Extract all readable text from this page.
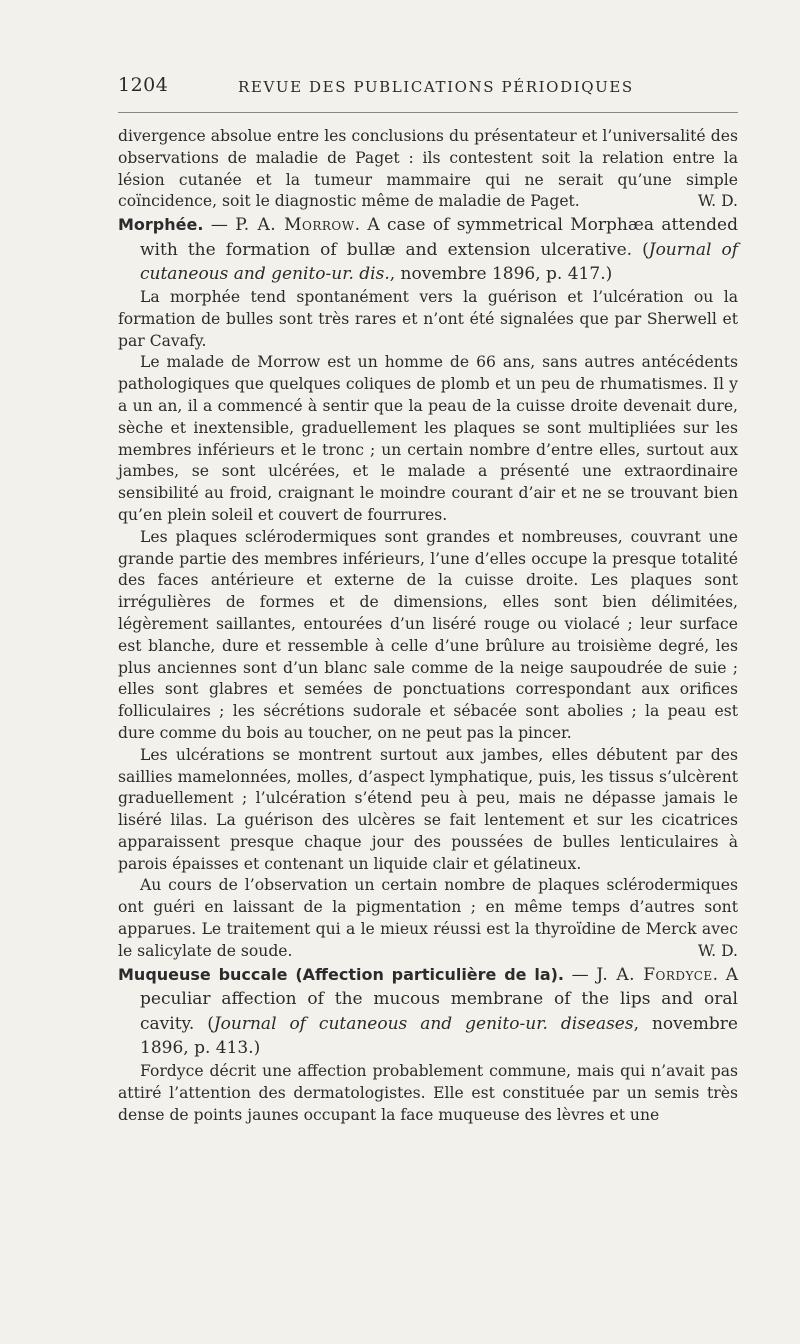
1204	REVUE DES PUBLICATIONS PÉRIODIQUES

divergence absolue entre les conclusions du présentateur et l’universalité des observations de maladie de Paget : ils contestent soit la relation entre la lésion cutanée et la tumeur mammaire qui ne serait qu’une simple coïncidence, soit le diagnostic même de maladie de Paget.	W. D.

Morphée. — P. A. Morrow. A case of symmetrical Morphæa attended with the formation of bullæ and extension ulcerative. (Journal of cutaneous and genito-ur. dis., novembre 1896, p. 417.)

La morphée tend spontanément vers la guérison et l’ulcération ou la formation de bulles sont très rares et n’ont été signalées que par Sherwell et par Cavafy.

Le malade de Morrow est un homme de 66 ans, sans autres antécédents pathologiques que quelques coliques de plomb et un peu de rhumatismes. Il y a un an, il a commencé à sentir que la peau de la cuisse droite devenait dure, sèche et inextensible, graduellement les plaques se sont multipliées sur les membres inférieurs et le tronc ; un certain nombre d’entre elles, surtout aux jambes, se sont ulcérées, et le malade a présenté une extraordinaire sensibilité au froid, craignant le moindre courant d’air et ne se trouvant bien qu’en plein soleil et couvert de fourrures.

Les plaques sclérodermiques sont grandes et nombreuses, couvrant une grande partie des membres inférieurs, l’une d’elles occupe la presque totalité des faces antérieure et externe de la cuisse droite. Les plaques sont irrégulières de formes et de dimensions, elles sont bien délimitées, légèrement saillantes, entourées d’un liséré rouge ou violacé ; leur surface est blanche, dure et ressemble à celle d’une brûlure au troisième degré, les plus anciennes sont d’un blanc sale comme de la neige saupoudrée de suie ; elles sont glabres et semées de ponctuations correspondant aux orifices folliculaires ; les sécrétions sudorale et sébacée sont abolies ; la peau est dure comme du bois au toucher, on ne peut pas la pincer.

Les ulcérations se montrent surtout aux jambes, elles débutent par des saillies mamelonnées, molles, d’aspect lymphatique, puis, les tissus s’ulcèrent graduellement ; l’ulcération s’étend peu à peu, mais ne dépasse jamais le liséré lilas. La guérison des ulcères se fait lentement et sur les cicatrices apparaissent presque chaque jour des poussées de bulles lenticulaires à parois épaisses et contenant un liquide clair et gélatineux.

Au cours de l’observation un certain nombre de plaques sclérodermiques ont guéri en laissant de la pigmentation ; en même temps d’autres sont apparues. Le traitement qui a le mieux réussi est la thyroïdine de Merck avec le salicylate de soude.	W. D.

Muqueuse buccale (Affection particulière de la). — J. A. Fordyce. A peculiar affection of the mucous membrane of the lips and oral cavity. (Journal of cutaneous and genito-ur. diseases, novembre 1896, p. 413.)

Fordyce décrit une affection probablement commune, mais qui n’avait pas attiré l’attention des dermatologistes. Elle est constituée par un semis très dense de points jaunes occupant la face muqueuse des lèvres et une
